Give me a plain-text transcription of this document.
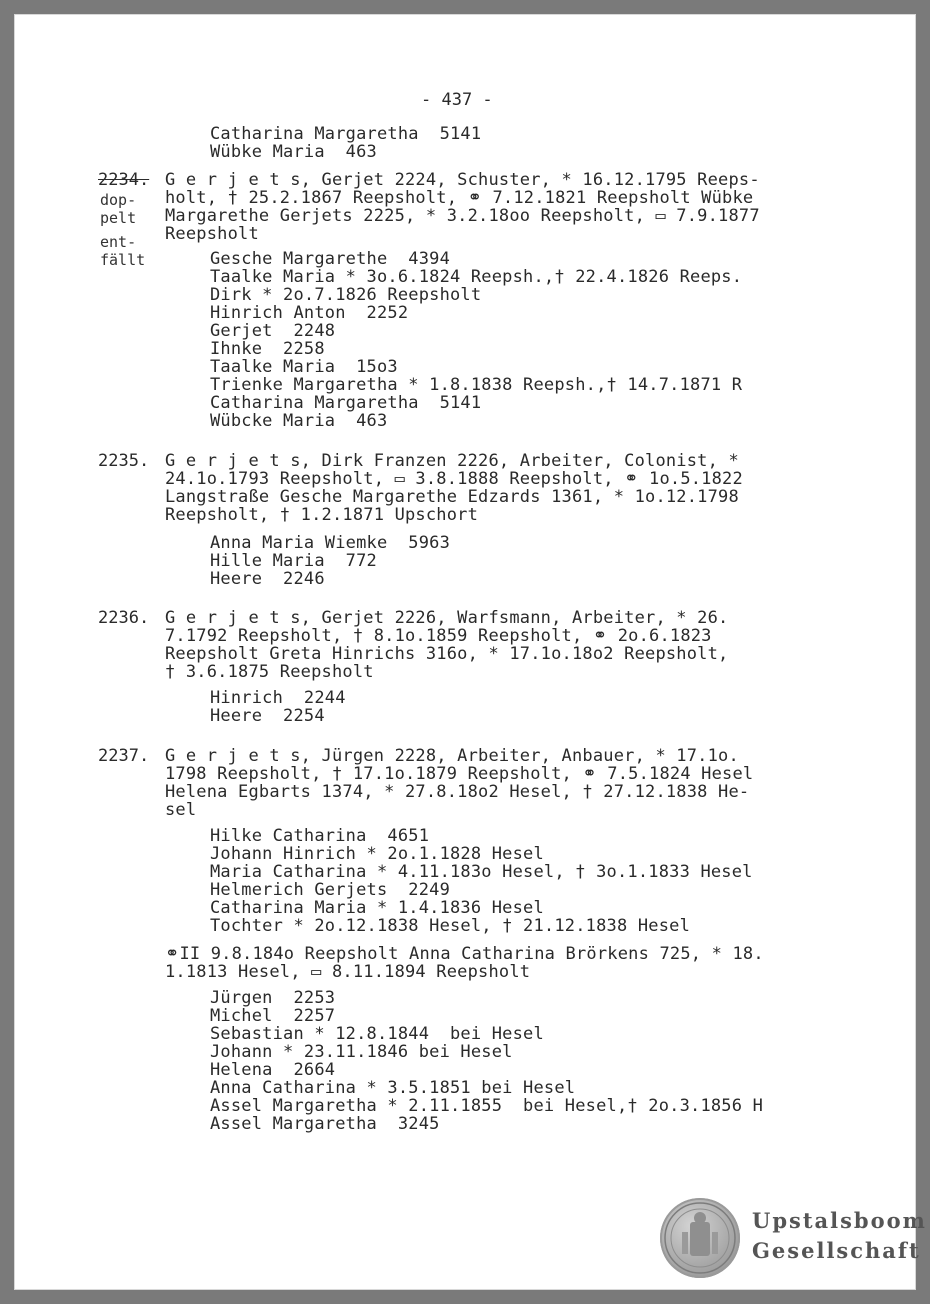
- 437 -
Catharina Margaretha  5141
Wübke Maria  463
2234.
dop-
pelt
ent-
fällt
G e r j e t s, Gerjet 2224, Schuster, * 16.12.1795 Reeps-
holt, † 25.2.1867 Reepsholt, ⚭ 7.12.1821 Reepsholt Wübke
Margarethe Gerjets 2225, * 3.2.18oo Reepsholt, ▭ 7.9.1877
Reepsholt
Gesche Margarethe  4394
Taalke Maria * 3o.6.1824 Reepsh.,† 22.4.1826 Reeps.
Dirk * 2o.7.1826 Reepsholt
Hinrich Anton  2252
Gerjet  2248
Ihnke  2258
Taalke Maria  15o3
Trienke Margaretha * 1.8.1838 Reepsh.,† 14.7.1871 R
Catharina Margaretha  5141
Wübcke Maria  463
2235. G e r j e t s, Dirk Franzen 2226, Arbeiter, Colonist, *
24.1o.1793 Reepsholt, ▭ 3.8.1888 Reepsholt, ⚭ 1o.5.1822
Langstraße Gesche Margarethe Edzards 1361, * 1o.12.1798
Reepsholt, † 1.2.1871 Upschort
Anna Maria Wiemke  5963
Hille Maria  772
Heere  2246
2236. G e r j e t s, Gerjet 2226, Warfsmann, Arbeiter, * 26.
7.1792 Reepsholt, † 8.1o.1859 Reepsholt, ⚭ 2o.6.1823
Reepsholt Greta Hinrichs 316o, * 17.1o.18o2 Reepsholt,
† 3.6.1875 Reepsholt
Hinrich  2244
Heere  2254
2237. G e r j e t s, Jürgen 2228, Arbeiter, Anbauer, * 17.1o.
1798 Reepsholt, † 17.1o.1879 Reepsholt, ⚭ 7.5.1824 Hesel
Helena Egbarts 1374, * 27.8.18o2 Hesel, † 27.12.1838 He-
sel
Hilke Catharina  4651
Johann Hinrich * 2o.1.1828 Hesel
Maria Catharina * 4.11.183o Hesel, † 3o.1.1833 Hesel
Helmerich Gerjets  2249
Catharina Maria * 1.4.1836 Hesel
Tochter * 2o.12.1838 Hesel, † 21.12.1838 Hesel
⚭II 9.8.184o Reepsholt Anna Catharina Brörkens 725, * 18.
1.1813 Hesel, ▭ 8.11.1894 Reepsholt
Jürgen  2253
Michel  2257
Sebastian * 12.8.1844  bei Hesel
Johann * 23.11.1846 bei Hesel
Helena  2664
Anna Catharina * 3.5.1851 bei Hesel
Assel Margaretha * 2.11.1855  bei Hesel,† 2o.3.1856 H
Assel Margaretha  3245
Upstalsboom
Gesellschaft
